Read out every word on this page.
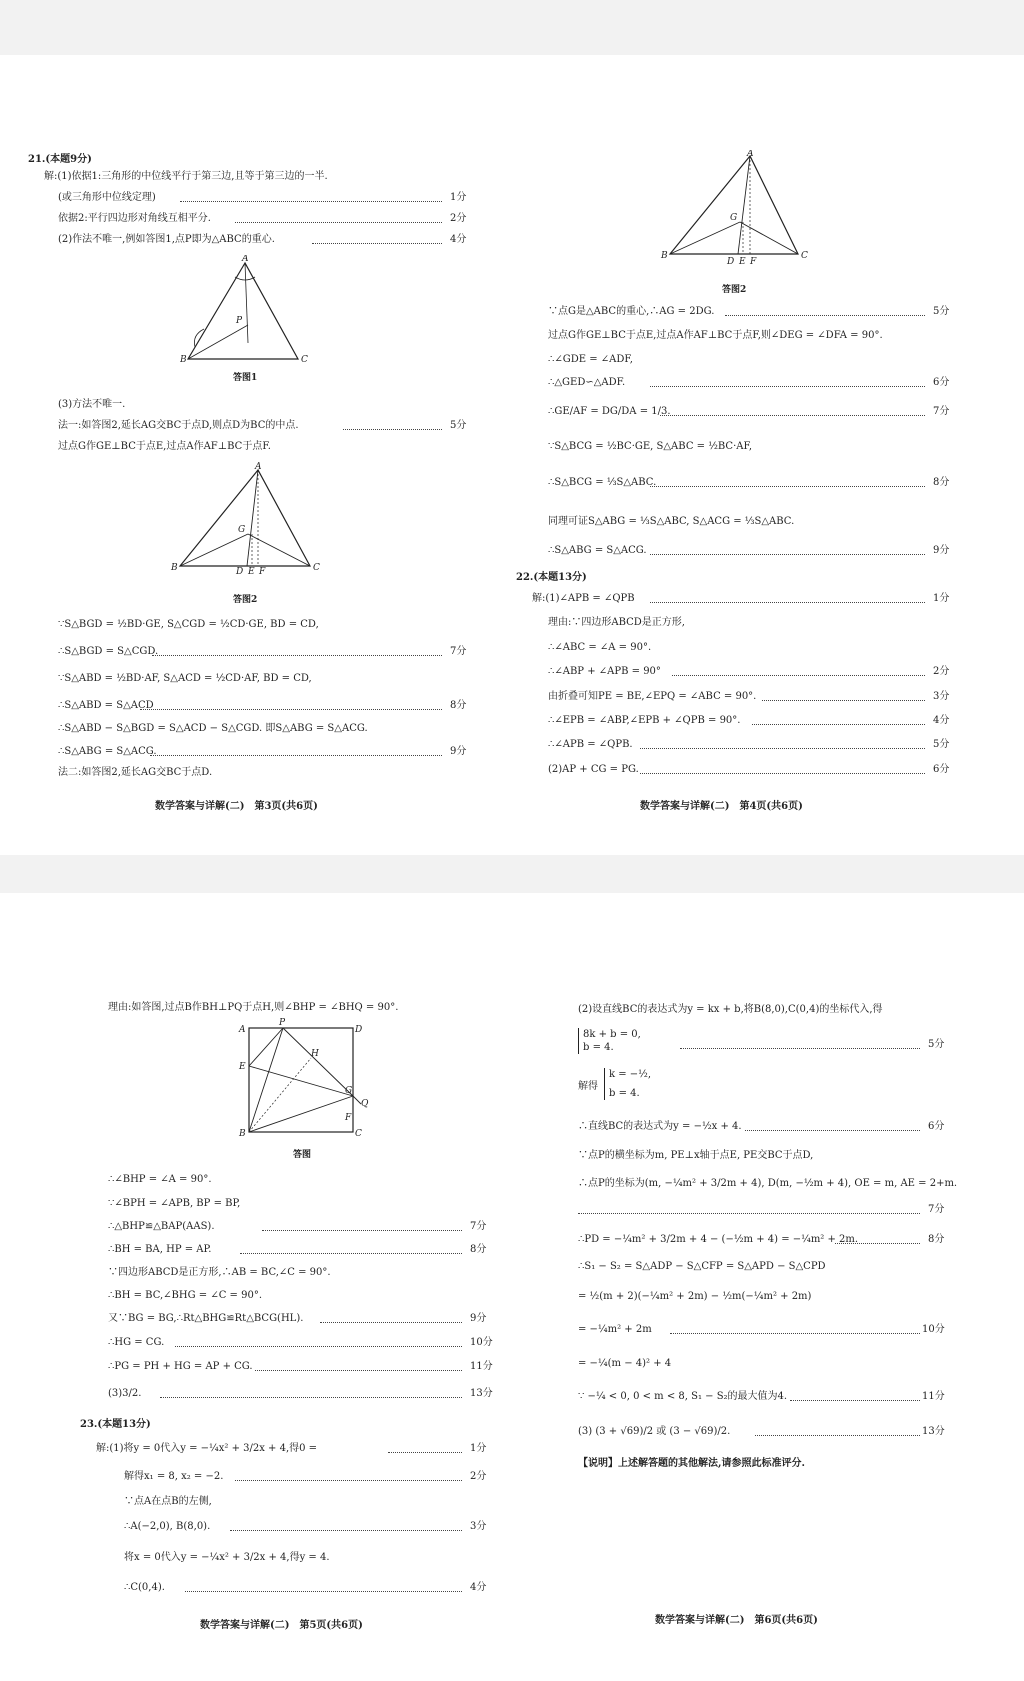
21.(本题9分)
解:(1)依据1:三角形的中位线平行于第三边,且等于第三边的一半.
(或三角形中位线定理)	1分
依据2:平行四边形对角线互相平分.	2分
(2)作法不唯一,例如答图1,点P即为△ABC的重心.	4分
A
B	C
P
答图1
(3)方法不唯一.
法一:如答图2,延长AG交BC于点D,则点D为BC的中点.	5分
过点G作GE⊥BC于点E,过点A作AF⊥BC于点F.
A
B	C
G
D E F
答图2
∵S△BGD = ½BD·GE, S△CGD = ½CD·GE, BD = CD,
∴S△BGD = S△CGD.	7分
∵S△ABD = ½BD·AF, S△ACD = ½CD·AF, BD = CD,
∴S△ABD = S△ACD	8分
∴S△ABD − S△BGD = S△ACD − S△CGD. 即S△ABG = S△ACG.
∴S△ABG = S△ACG.	9分
法二:如答图2,延长AG交BC于点D.
数学答案与详解(二)　第3页(共6页)
A
B	C
G
D E F
答图2
∵点G是△ABC的重心,∴AG = 2DG.	5分
过点G作GE⊥BC于点E,过点A作AF⊥BC于点F,则∠DEG = ∠DFA = 90°.
∴∠GDE = ∠ADF,
∴△GED∽△ADF.	6分
∴GE/AF = DG/DA = 1/3.	7分
∵S△BCG = ½BC·GE, S△ABC = ½BC·AF,
∴S△BCG = ⅓S△ABC.	8分
同理可证S△ABG = ⅓S△ABC, S△ACG = ⅓S△ABC.
∴S△ABG = S△ACG.	9分
22.(本题13分)
解:(1)∠APB = ∠QPB	1分
理由:∵四边形ABCD是正方形,
∴∠ABC = ∠A = 90°.
∴∠ABP + ∠APB = 90°	2分
由折叠可知PE = BE,∠EPQ = ∠ABC = 90°.	3分
∴∠EPB = ∠ABP,∠EPB + ∠QPB = 90°.	4分
∴∠APB = ∠QPB.	5分
(2)AP + CG = PG.	6分
数学答案与详解(二)　第4页(共6页)
理由:如答图,过点B作BH⊥PQ于点H,则∠BHP = ∠BHQ = 90°.
A
P
D
E
H
G
Q
F
B	C
答图
∴∠BHP = ∠A = 90°.
∵∠BPH = ∠APB, BP = BP,
∴△BHP≌△BAP(AAS).	7分
∴BH = BA, HP = AP.	8分
∵四边形ABCD是正方形,∴AB = BC,∠C = 90°.
∴BH = BC,∠BHG = ∠C = 90°.
又∵BG = BG,∴Rt△BHG≌Rt△BCG(HL).	9分
∴HG = CG.	10分
∴PG = PH + HG = AP + CG.	11分
(3)3/2.	13分
23.(本题13分)
解:(1)将y = 0代入y = −¼x² + 3/2x + 4,得0 =	1分
解得x₁ = 8, x₂ = −2.	2分
∵点A在点B的左侧,
∴A(−2,0), B(8,0).	3分
将x = 0代入y = −¼x² + 3/2x + 4,得y = 4.
∴C(0,4).	4分
数学答案与详解(二)　第5页(共6页)
(2)设直线BC的表达式为y = kx + b,将B(8,0),C(0,4)的坐标代入,得
8k + b = 0,
b = 4.	5分
解得
k = −½,
b = 4.
∴直线BC的表达式为y = −½x + 4.	6分
∵点P的横坐标为m, PE⊥x轴于点E, PE交BC于点D,
∴点P的坐标为(m, −¼m² + 3/2m + 4), D(m, −½m + 4), OE = m, AE = 2+m.
7分
∴PD = −¼m² + 3/2m + 4 − (−½m + 4) = −¼m² + 2m.	8分
∴S₁ − S₂ = S△ADP − S△CFP = S△APD − S△CPD
= ½(m + 2)(−¼m² + 2m) − ½m(−¼m² + 2m)
= −¼m² + 2m	10分
= −¼(m − 4)² + 4
∵ −¼ < 0, 0 < m < 8, S₁ − S₂的最大值为4.	11分
(3) (3 + √69)/2 或 (3 − √69)/2.	13分
【说明】上述解答题的其他解法,请参照此标准评分.
数学答案与详解(二)　第6页(共6页)
